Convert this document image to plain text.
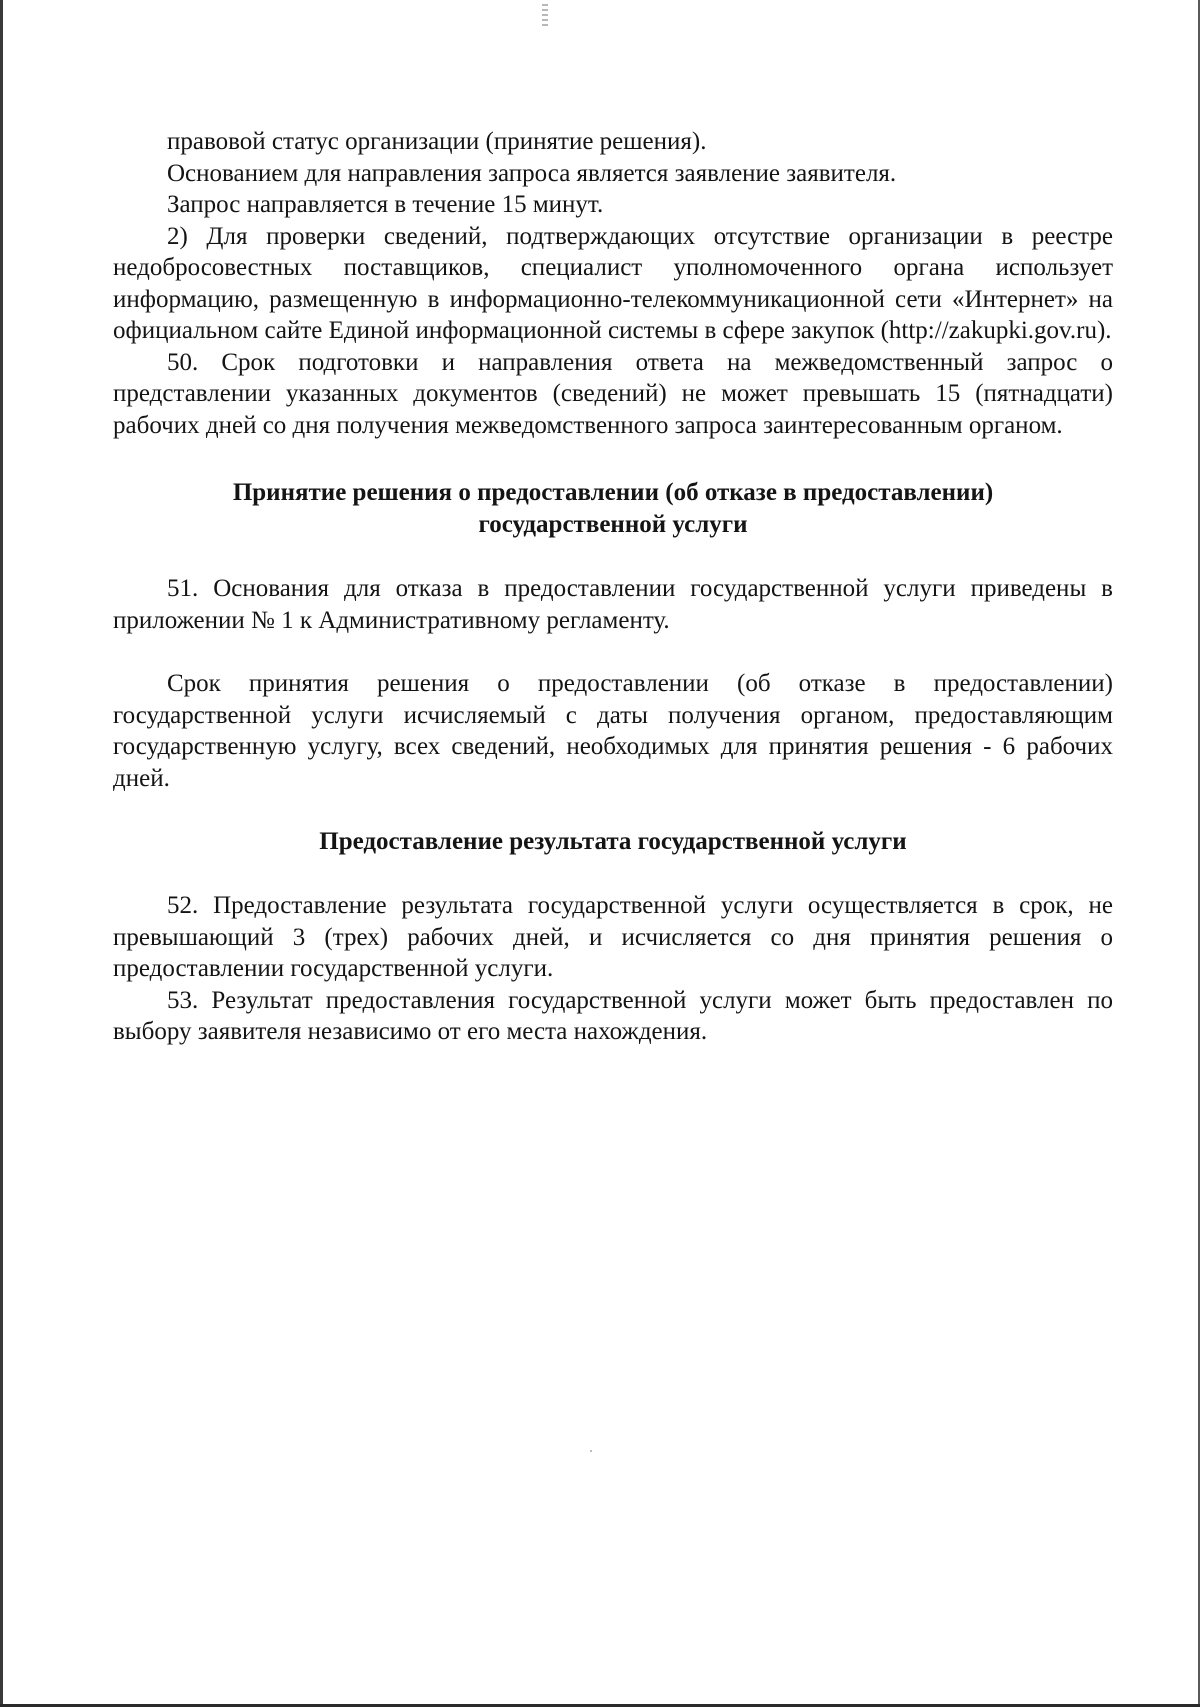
правовой статус организации (принятие решения).

Основанием для направления запроса является заявление заявителя.

Запрос направляется в течение 15 минут.

2) Для проверки сведений, подтверждающих отсутствие организации в реестре недобросовестных поставщиков, специалист уполномоченного органа использует информацию, размещенную в информационно-телекоммуникационной сети «Интернет» на официальном сайте Единой информационной системы в сфере закупок (http://zakupki.gov.ru).

50. Срок подготовки и направления ответа на межведомственный запрос о представлении указанных документов (сведений) не может превышать 15 (пятнадцати) рабочих дней со дня получения межведомственного запроса заинтересованным органом.

Принятие решения о предоставлении (об отказе в предоставлении)

государственной услуги

51. Основания для отказа в предоставлении государственной услуги приведены в приложении № 1 к Административному регламенту.

Срок принятия решения о предоставлении (об отказе в предоставлении) государственной услуги исчисляемый с даты получения органом, предоставляющим государственную услугу, всех сведений, необходимых для принятия решения - 6 рабочих дней.

Предоставление результата государственной услуги

52. Предоставление результата государственной услуги осуществляется в срок, не превышающий 3 (трех) рабочих дней, и исчисляется со дня принятия решения о предоставлении государственной услуги.

53. Результат предоставления государственной услуги может быть предоставлен по выбору заявителя независимо от его места нахождения.
